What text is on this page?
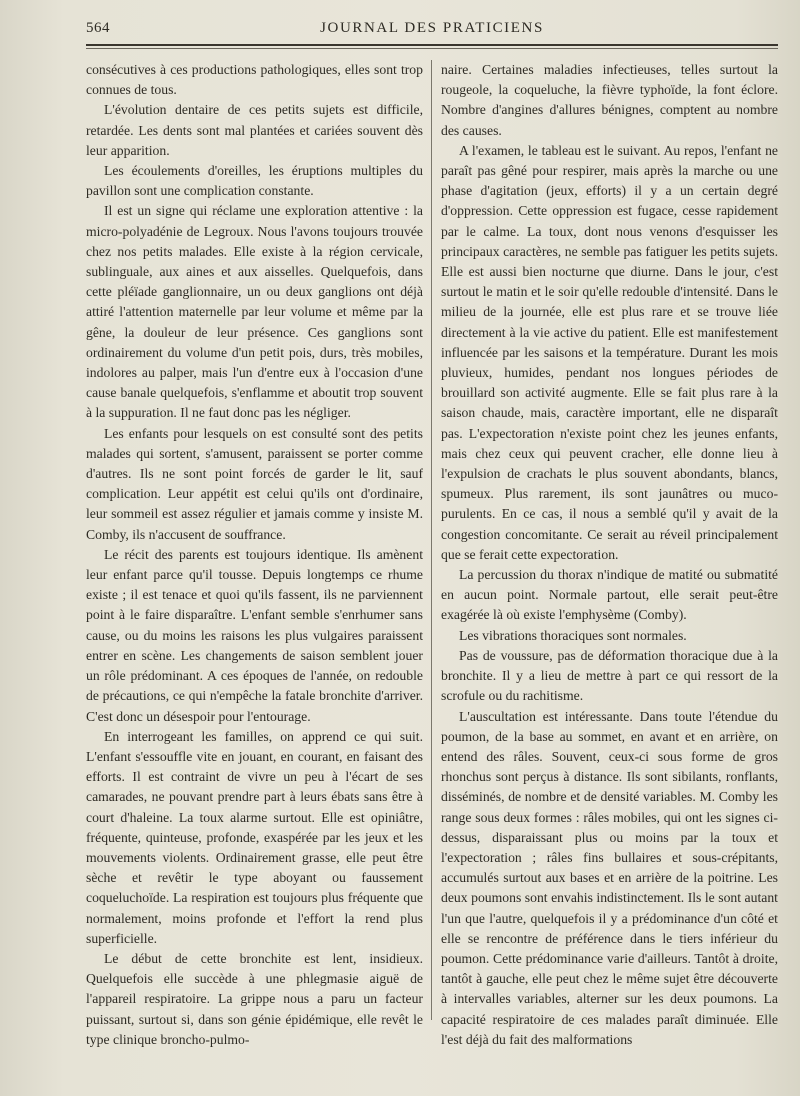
564	JOURNAL DES PRATICIENS

consécutives à ces productions pathologiques, elles sont trop connues de tous.

L'évolution dentaire de ces petits sujets est difficile, retardée. Les dents sont mal plantées et cariées souvent dès leur apparition.

Les écoulements d'oreilles, les éruptions multiples du pavillon sont une complication constante.

Il est un signe qui réclame une exploration attentive : la micro-polyadénie de Legroux. Nous l'avons toujours trouvée chez nos petits malades. Elle existe à la région cervicale, sublinguale, aux aines et aux aisselles. Quelquefois, dans cette pléïade ganglionnaire, un ou deux ganglions ont déjà attiré l'attention maternelle par leur volume et même par la gêne, la douleur de leur présence. Ces ganglions sont ordinairement du volume d'un petit pois, durs, très mobiles, indolores au palper, mais l'un d'entre eux à l'occasion d'une cause banale quelquefois, s'enflamme et aboutit trop souvent à la suppuration. Il ne faut donc pas les négliger.

Les enfants pour lesquels on est consulté sont des petits malades qui sortent, s'amusent, paraissent se porter comme d'autres. Ils ne sont point forcés de garder le lit, sauf complication. Leur appétit est celui qu'ils ont d'ordinaire, leur sommeil est assez régulier et jamais comme y insiste M. Comby, ils n'accusent de souffrance.

Le récit des parents est toujours identique. Ils amènent leur enfant parce qu'il tousse. Depuis longtemps ce rhume existe ; il est tenace et quoi qu'ils fassent, ils ne parviennent point à le faire disparaître. L'enfant semble s'enrhumer sans cause, ou du moins les raisons les plus vulgaires paraissent entrer en scène. Les changements de saison semblent jouer un rôle prédominant. A ces époques de l'année, on redouble de précautions, ce qui n'empêche la fatale bronchite d'arriver. C'est donc un désespoir pour l'entourage.

En interrogeant les familles, on apprend ce qui suit. L'enfant s'essouffle vite en jouant, en courant, en faisant des efforts. Il est contraint de vivre un peu à l'écart de ses camarades, ne pouvant prendre part à leurs ébats sans être à court d'haleine. La toux alarme surtout. Elle est opiniâtre, fréquente, quinteuse, profonde, exaspérée par les jeux et les mouvements violents. Ordinairement grasse, elle peut être sèche et revêtir le type aboyant ou faussement coqueluchoïde. La respiration est toujours plus fréquente que normalement, moins profonde et l'effort la rend plus superficielle.

Le début de cette bronchite est lent, insidieux. Quelquefois elle succède à une phlegmasie aiguë de l'appareil respiratoire. La grippe nous a paru un facteur puissant, surtout si, dans son génie épidémique, elle revêt le type clinique broncho-pulmo-

naire. Certaines maladies infectieuses, telles surtout la rougeole, la coqueluche, la fièvre typhoïde, la font éclore. Nombre d'angines d'allures bénignes, comptent au nombre des causes.

A l'examen, le tableau est le suivant. Au repos, l'enfant ne paraît pas gêné pour respirer, mais après la marche ou une phase d'agitation (jeux, efforts) il y a un certain degré d'oppression. Cette oppression est fugace, cesse rapidement par le calme. La toux, dont nous venons d'esquisser les principaux caractères, ne semble pas fatiguer les petits sujets. Elle est aussi bien nocturne que diurne. Dans le jour, c'est surtout le matin et le soir qu'elle redouble d'intensité. Dans le milieu de la journée, elle est plus rare et se trouve liée directement à la vie active du patient. Elle est manifestement influencée par les saisons et la température. Durant les mois pluvieux, humides, pendant nos longues périodes de brouillard son activité augmente. Elle se fait plus rare à la saison chaude, mais, caractère important, elle ne disparaît pas. L'expectoration n'existe point chez les jeunes enfants, mais chez ceux qui peuvent cracher, elle donne lieu à l'expulsion de crachats le plus souvent abondants, blancs, spumeux. Plus rarement, ils sont jaunâtres ou muco-purulents. En ce cas, il nous a semblé qu'il y avait de la congestion concomitante. Ce serait au réveil principalement que se ferait cette expectoration.

La percussion du thorax n'indique de matité ou submatité en aucun point. Normale partout, elle serait peut-être exagérée là où existe l'emphysème (Comby).

Les vibrations thoraciques sont normales.

Pas de voussure, pas de déformation thoracique due à la bronchite. Il y a lieu de mettre à part ce qui ressort de la scrofule ou du rachitisme.

L'auscultation est intéressante. Dans toute l'étendue du poumon, de la base au sommet, en avant et en arrière, on entend des râles. Souvent, ceux-ci sous forme de gros rhonchus sont perçus à distance. Ils sont sibilants, ronflants, disséminés, de nombre et de densité variables. M. Comby les range sous deux formes : râles mobiles, qui ont les signes ci-dessus, disparaissant plus ou moins par la toux et l'expectoration ; râles fins bullaires et sous-crépitants, accumulés surtout aux bases et en arrière de la poitrine. Les deux poumons sont envahis indistinctement. Ils le sont autant l'un que l'autre, quelquefois il y a prédominance d'un côté et elle se rencontre de préférence dans le tiers inférieur du poumon. Cette prédominance varie d'ailleurs. Tantôt à droite, tantôt à gauche, elle peut chez le même sujet être découverte à intervalles variables, alterner sur les deux poumons. La capacité respiratoire de ces malades paraît diminuée. Elle l'est déjà du fait des malformations
